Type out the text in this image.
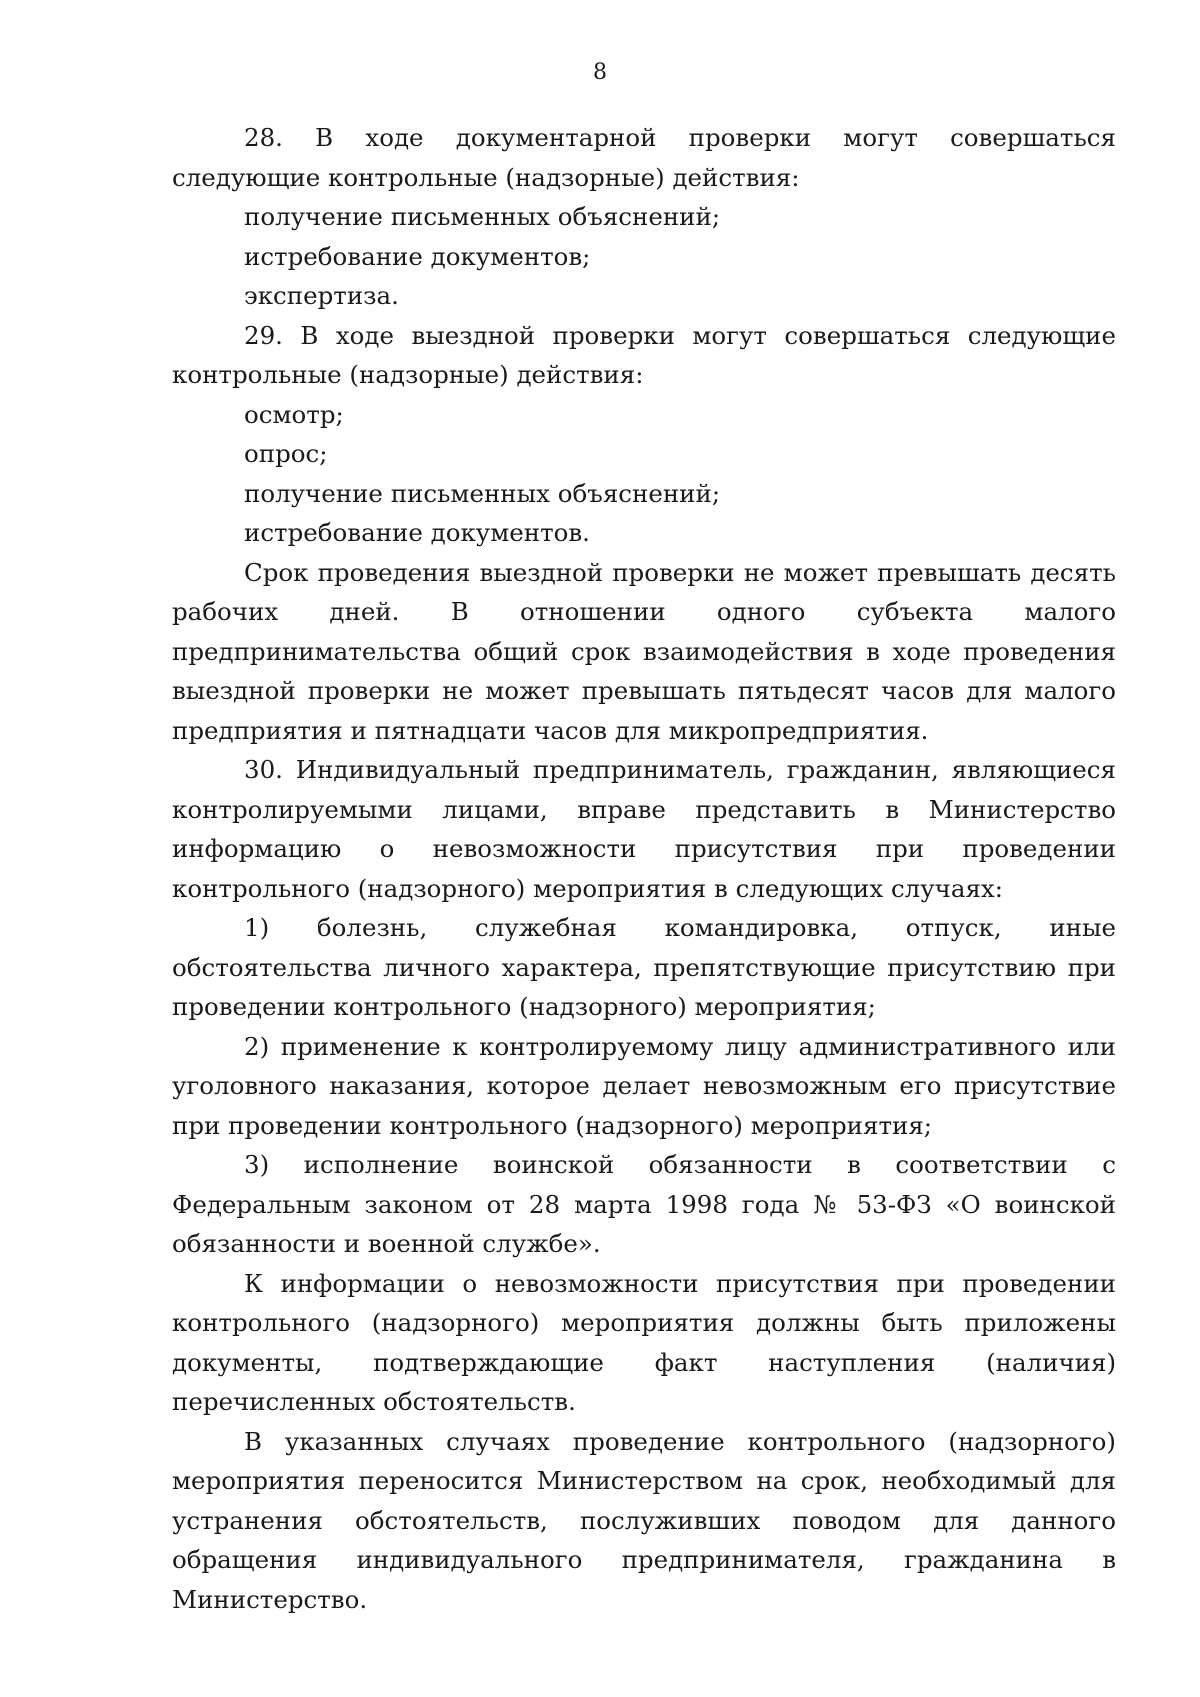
8

28. В ходе документарной проверки могут совершаться следующие контрольные (надзорные) действия:

получение письменных объяснений;

истребование документов;

экспертиза.

29. В ходе выездной проверки могут совершаться следующие контрольные (надзорные) действия:

осмотр;

опрос;

получение письменных объяснений;

истребование документов.

Срок проведения выездной проверки не может превышать десять рабочих дней. В отношении одного субъекта малого предпринимательства общий срок взаимодействия в ходе проведения выездной проверки не может превышать пятьдесят часов для малого предприятия и пятнадцати часов для микропредприятия.

30. Индивидуальный предприниматель, гражданин, являющиеся контролируемыми лицами, вправе представить в Министерство информацию о невозможности присутствия при проведении контрольного (надзорного) мероприятия в следующих случаях:

1) болезнь, служебная командировка, отпуск, иные обстоятельства личного характера, препятствующие присутствию при проведении контрольного (надзорного) мероприятия;

2) применение к контролируемому лицу административного или уголовного наказания, которое делает невозможным его присутствие при проведении контрольного (надзорного) мероприятия;

3) исполнение воинской обязанности в соответствии с Федеральным законом от 28 марта 1998 года № 53-ФЗ «О воинской обязанности и военной службе».

К информации о невозможности присутствия при проведении контрольного (надзорного) мероприятия должны быть приложены документы, подтверждающие факт наступления (наличия) перечисленных обстоятельств.

В указанных случаях проведение контрольного (надзорного) мероприятия переносится Министерством на срок, необходимый для устранения обстоятельств, послуживших поводом для данного обращения индивидуального предпринимателя, гражданина в Министерство.
